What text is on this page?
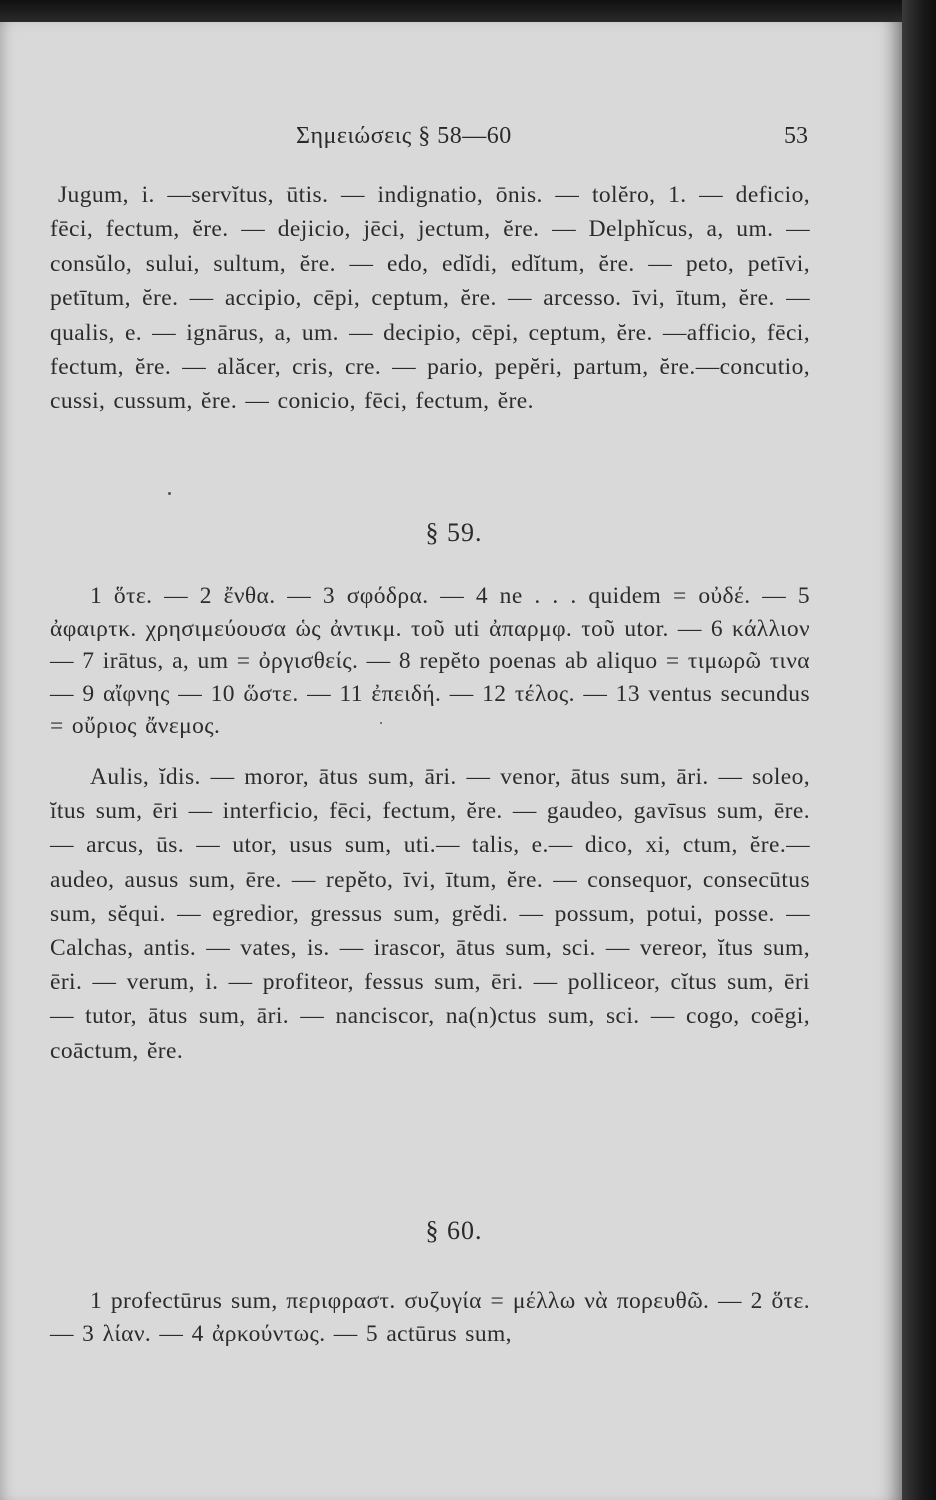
Σημειώσεις § 58—60	53

Jugum, i. —servĭtus, ūtis. — indignatio, ōnis. — tolĕro, 1. — deficio, fēci, fectum, ĕre. — dejicio, jēci, jectum, ĕre. — Delphĭcus, a, um. — consŭlo, sului, sultum, ĕre. — edo, edĭdi, edĭtum, ĕre. — peto, petīvi, petītum, ĕre. — accipio, cēpi, ceptum, ĕre. — arcesso. īvi, ītum, ĕre. — qualis, e. — ignārus, a, um. — decipio, cēpi, ceptum, ĕre. —afficio, fēci, fectum, ĕre. — alăcer, cris, cre. — pario, pepĕri, partum, ĕre.—concutio, cussi, cussum, ĕre. — conicio, fēci, fectum, ĕre.

§ 59.

1 ὅτε. — 2 ἔνθα. — 3 σφόδρα. — 4 ne . . . quidem = οὐδέ. — 5 ἀφαιρτκ. χρησιμεύουσα ὡς ἀντικμ. τοῦ uti ἀπαρμφ. τοῦ utor. — 6 κάλλιον — 7 irātus, a, um = ὀργισθείς. — 8 repĕto poenas ab aliquo = τιμωρῶ τινα — 9 αἴφνης — 10 ὥστε. — 11 ἐπειδή. — 12 τέλος. — 13 ventus secundus = οὔριος ἄνεμος.

Aulis, ĭdis. — moror, ātus sum, āri. — venor, ātus sum, āri. — soleo, ĭtus sum, ēri — interficio, fēci, fectum, ĕre. — gaudeo, gavīsus sum, ēre. — arcus, ūs. — utor, usus sum, uti.— talis, e.— dico, xi, ctum, ĕre.— audeo, ausus sum, ēre. — repĕto, īvi, ītum, ĕre. — consequor, consecūtus sum, sĕqui. — egredior, gressus sum, grĕdi. — possum, potui, posse. —Calchas, antis. — vates, is. — irascor, ātus sum, sci. — vereor, ĭtus sum, ēri. — verum, i. — profiteor, fessus sum, ēri. — polliceor, cĭtus sum, ēri — tutor, ātus sum, āri. — nanciscor, na(n)ctus sum, sci. — cogo, coēgi, coāctum, ĕre.

§ 60.

1 profectūrus sum, περιφραστ. συζυγία = μέλλω νὰ πορευθῶ. — 2 ὅτε. — 3 λίαν. — 4 ἀρκούντως. — 5 actūrus sum,
